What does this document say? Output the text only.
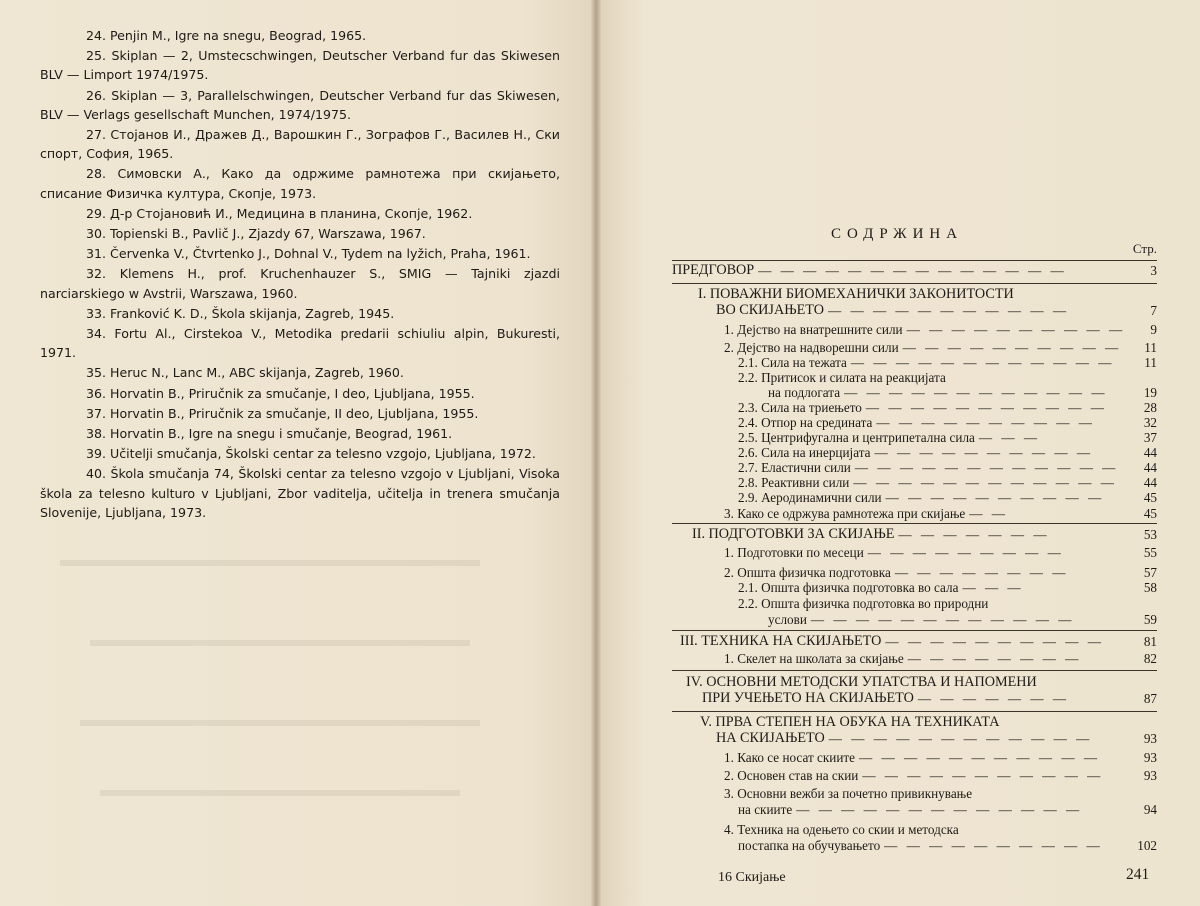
24. Penjin M., Igre na snegu, Beograd, 1965.

25. Skiplan — 2, Umstecschwingen, Deutscher Verband fur das Skiwesen BLV — Limport 1974/1975.

26. Skiplan — 3, Parallelschwingen, Deutscher Verband fur das Skiwesen, BLV — Verlags gesellschaft Munchen, 1974/1975.

27. Стојанов И., Дражев Д., Варошкин Г., Зографов Г., Василев Н., Ски спорт, София, 1965.

28. Симовски А., Како да одржиме рамнотежа при скијањето, списание Физичка култура, Скопје, 1973.

29. Д-р Стојановић И., Медицина в планина, Скопје, 1962.

30. Topienski B., Pavlič J., Zjazdy 67, Warszawa, 1967.

31. Červenka V., Čtvrtenko J., Dohnal V., Tydem na lyžich, Praha, 1961.

32. Klemens H., prof. Kruchenhauzer S., SMIG — Tajniki zjazdi narciarskiego w Avstrii, Warszawa, 1960.

33. Franković K. D., Škola skijanja, Zagreb, 1945.

34. Fortu Al., Cirstekoa V., Metodika predarii schiuliu alpin, Bukuresti, 1971.

35. Heruc N., Lanc M., ABC skijanja, Zagreb, 1960.

36. Horvatin B., Priručnik za smučanje, I deo, Ljubljana, 1955.

37. Horvatin B., Priručnik za smučanje, II deo, Ljubljana, 1955.

38. Horvatin B., Igre na snegu i smučanje, Beograd, 1961.

39. Učitelji smučanja, Školski centar za telesno vzgojo, Ljubljana, 1972.

40. Škola smučanja 74, Školski centar za telesno vzgojo v Ljubljani, Visoka škola za telesno kulturo v Ljubljani, Zbor vaditelja, učitelja in trenera smučanja Slovenije, Ljubljana, 1973.

СОДРЖИНА
Стр.
ПРЕДГОВОР — — — — — — — — — — — — — —	3
I. ПОВАЖНИ БИОМЕХАНИЧКИ ЗАКОНИТОСТИ
ВО СКИЈАЊЕТО — — — — — — — — — — —	7
1. Дејство на внатрешните сили — — — — — — — — — —	9
2. Дејство на надворешни сили — — — — — — — — — —	11
2.1. Сила на тежата — — — — — — — — — — — —	11
2.2. Притисок и силата на реакцијата
на подлогата — — — — — — — — — — — —	19
2.3. Сила на триењето — — — — — — — — — — —	28
2.4. Отпор на средината — — — — — — — — — —	32
2.5. Центрифугална и центрипетална сила — — —	37
2.6. Сила на инерцијата — — — — — — — — — —	44
2.7. Еластични сили — — — — — — — — — — — —	44
2.8. Реактивни сили — — — — — — — — — — — —	44
2.9. Аеродинамични сили — — — — — — — — — —	45
3. Како се одржува рамнотежа при скијање — —	45
II. ПОДГОТОВКИ ЗА СКИЈАЊЕ — — — — — — —	53
1. Подготовки по месеци — — — — — — — — —	55
2. Општа физичка подготовка — — — — — — — —	57
2.1. Општа физичка подготовка во сала — — —	58
2.2. Општа физичка подготовка во природни
услови — — — — — — — — — — — —	59
III. ТЕХНИКА НА СКИЈАЊЕТО — — — — — — — — — —	81
1. Скелет на школата за скијање — — — — — — — —	82
IV. ОСНОВНИ МЕТОДСКИ УПАТСТВА И НАПОМЕНИ
ПРИ УЧЕЊЕТО НА СКИЈАЊЕТО — — — — — — —	87
V. ПРВА СТЕПЕН НА ОБУКА НА ТЕХНИКАТА
НА СКИЈАЊЕТО — — — — — — — — — — — —	93
1. Како се носат скиите — — — — — — — — — — —	93
2. Основен став на скии — — — — — — — — — — —	93
3. Основни вежби за почетно привикнување
на скиите — — — — — — — — — — — — —	94
4. Техника на одењето со скии и методска
постапка на обучувањето — — — — — — — — — —	102
16 Скијање	241
